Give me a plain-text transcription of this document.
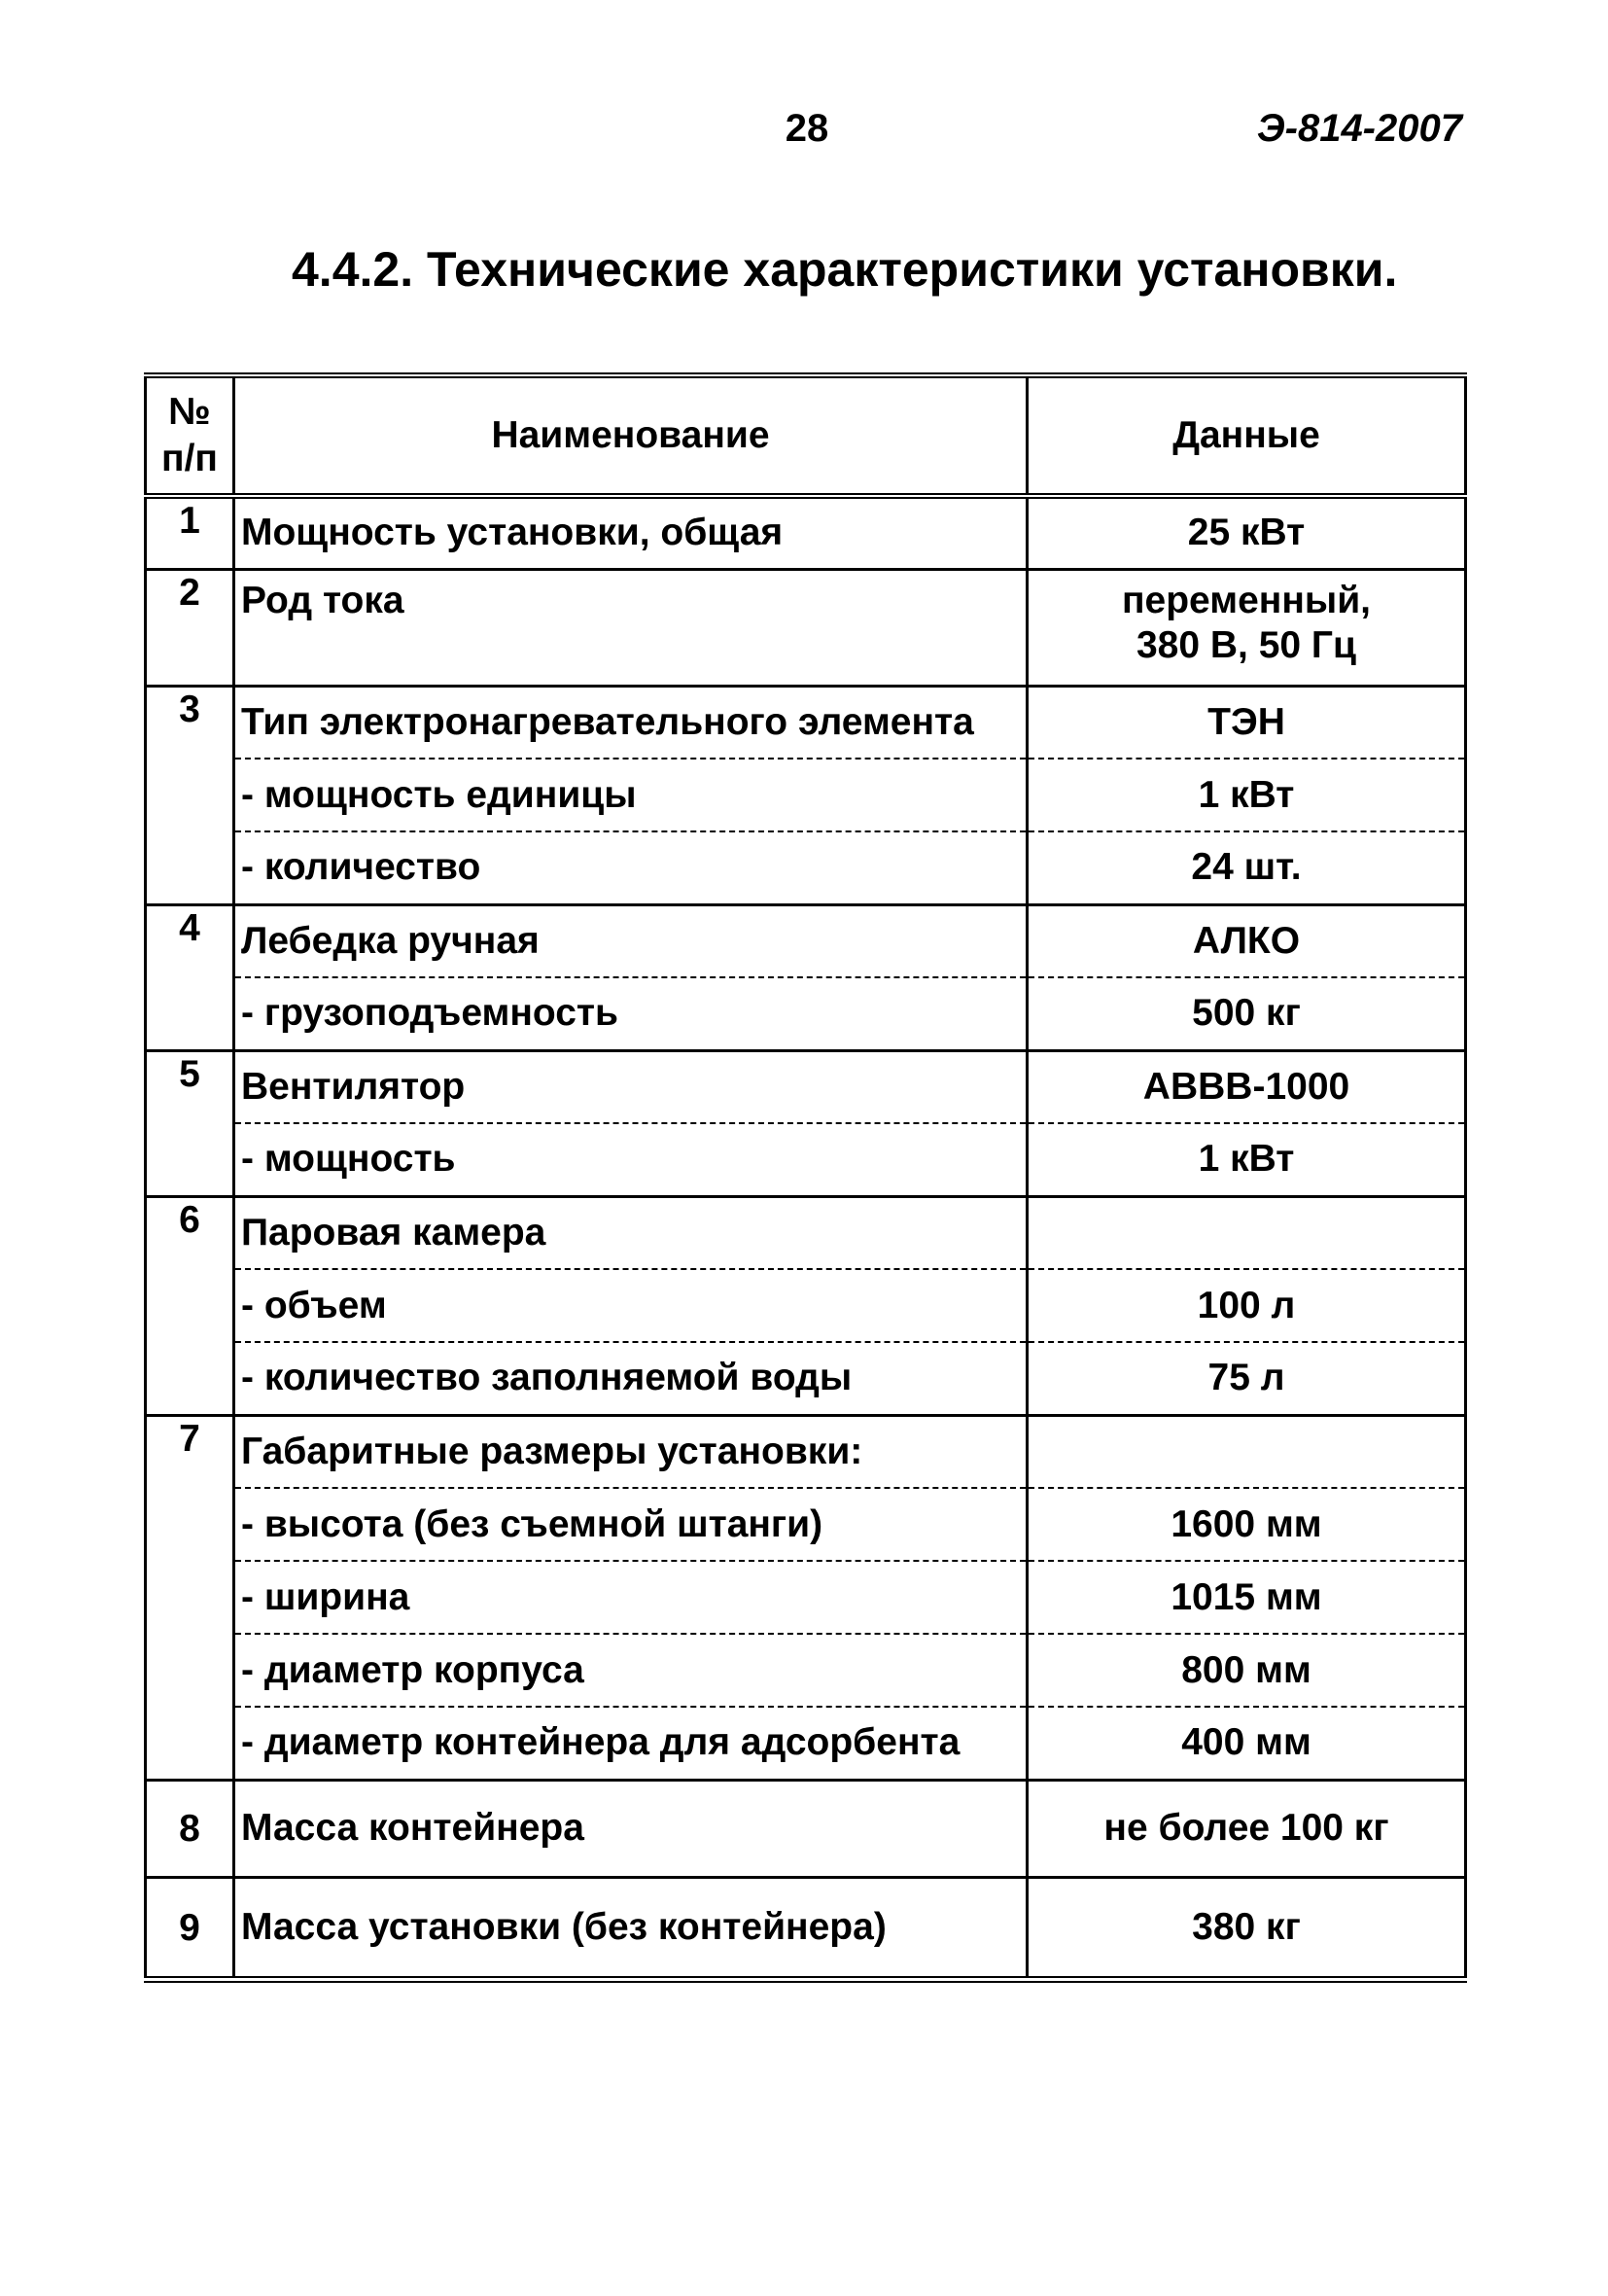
28	Э-814-2007
4.4.2. Технические характеристики установки.
№
п/п	Наименование	Данные
1	Мощность установки, общая	25 кВт
2	Род тока	переменный,
380 В, 50 Гц
3	Тип электронагревательного элемента	ТЭН
	- мощность единицы	1 кВт
	- количество	24 шт.
4	Лебедка ручная	АЛКО
	- грузоподъемность	500 кг
5	Вентилятор	АВВВ-1000
	- мощность	1 кВт
6	Паровая камера	
	- объем	100 л
	- количество заполняемой воды	75 л
7	Габаритные размеры установки:	
	- высота (без съемной штанги)	1600 мм
	- ширина	1015 мм
	- диаметр корпуса	800 мм
	- диаметр контейнера для адсорбента	400 мм
8	Масса контейнера	не более 100 кг
9	Масса установки (без контейнера)	380 кг
